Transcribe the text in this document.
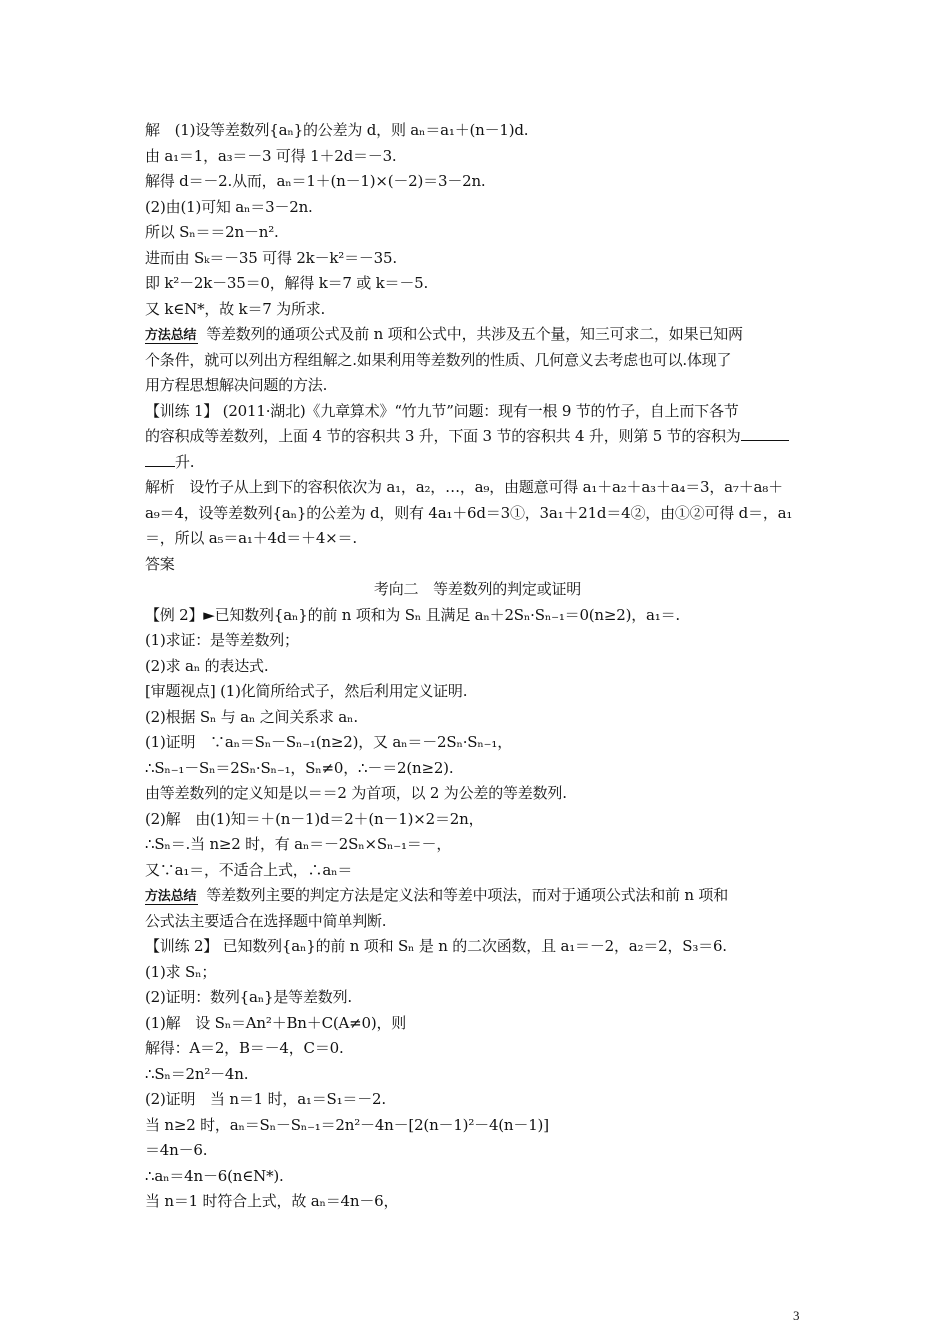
解　(1)设等差数列{aₙ}的公差为 d，则 aₙ＝a₁＋(n－1)d.
由 a₁＝1，a₃＝－3 可得 1＋2d＝－3.
解得 d＝－2.从而，aₙ＝1＋(n－1)×(－2)＝3－2n.
(2)由(1)可知 aₙ＝3－2n.
所以 Sₙ＝＝2n－n².
进而由 Sₖ＝－35 可得 2k－k²＝－35.
即 k²－2k－35＝0，解得 k＝7 或 k＝－5.
又 k∈N*，故 k＝7 为所求.
方法总结 等差数列的通项公式及前 n 项和公式中，共涉及五个量，知三可求二，如果已知两
个条件，就可以列出方程组解之.如果利用等差数列的性质、几何意义去考虑也可以.体现了
用方程思想解决问题的方法.
【训练 1】 (2011·湖北)《九章算术》“竹九节”问题：现有一根 9 节的竹子，自上而下各节
的容积成等差数列，上面 4 节的容积共 3 升，下面 3 节的容积共 4 升，则第 5 节的容积为
升.
解析　设竹子从上到下的容积依次为 a₁，a₂，…，a₉，由题意可得 a₁＋a₂＋a₃＋a₄＝3，a₇＋a₈＋
a₉＝4，设等差数列{aₙ}的公差为 d，则有 4a₁＋6d＝3①，3a₁＋21d＝4②，由①②可得 d＝，a₁
＝，所以 a₅＝a₁＋4d＝＋4×＝.
答案
考向二　等差数列的判定或证明
【例 2】►已知数列{aₙ}的前 n 项和为 Sₙ 且满足 aₙ＋2Sₙ·Sₙ₋₁＝0(n≥2)，a₁＝.
(1)求证：是等差数列；
(2)求 aₙ 的表达式.
[审题视点] (1)化简所给式子，然后利用定义证明.
(2)根据 Sₙ 与 aₙ 之间关系求 aₙ.
(1)证明　∵aₙ＝Sₙ－Sₙ₋₁(n≥2)，又 aₙ＝－2Sₙ·Sₙ₋₁，
∴Sₙ₋₁－Sₙ＝2Sₙ·Sₙ₋₁，Sₙ≠0，∴－＝2(n≥2).
由等差数列的定义知是以＝＝2 为首项，以 2 为公差的等差数列.
(2)解　由(1)知＝＋(n－1)d＝2＋(n－1)×2＝2n，
∴Sₙ＝.当 n≥2 时，有 aₙ＝－2Sₙ×Sₙ₋₁＝－，
又∵a₁＝，不适合上式，∴aₙ＝
方法总结 等差数列主要的判定方法是定义法和等差中项法，而对于通项公式法和前 n 项和
公式法主要适合在选择题中简单判断.
【训练 2】 已知数列{aₙ}的前 n 项和 Sₙ 是 n 的二次函数，且 a₁＝－2，a₂＝2，S₃＝6.
(1)求 Sₙ；
(2)证明：数列{aₙ}是等差数列.
(1)解　设 Sₙ＝An²＋Bn＋C(A≠0)，则
解得：A＝2，B＝－4，C＝0.
∴Sₙ＝2n²－4n.
(2)证明　当 n＝1 时，a₁＝S₁＝－2.
当 n≥2 时，aₙ＝Sₙ－Sₙ₋₁＝2n²－4n－[2(n－1)²－4(n－1)]
＝4n－6.
∴aₙ＝4n－6(n∈N*).
当 n＝1 时符合上式，故 aₙ＝4n－6，
3
